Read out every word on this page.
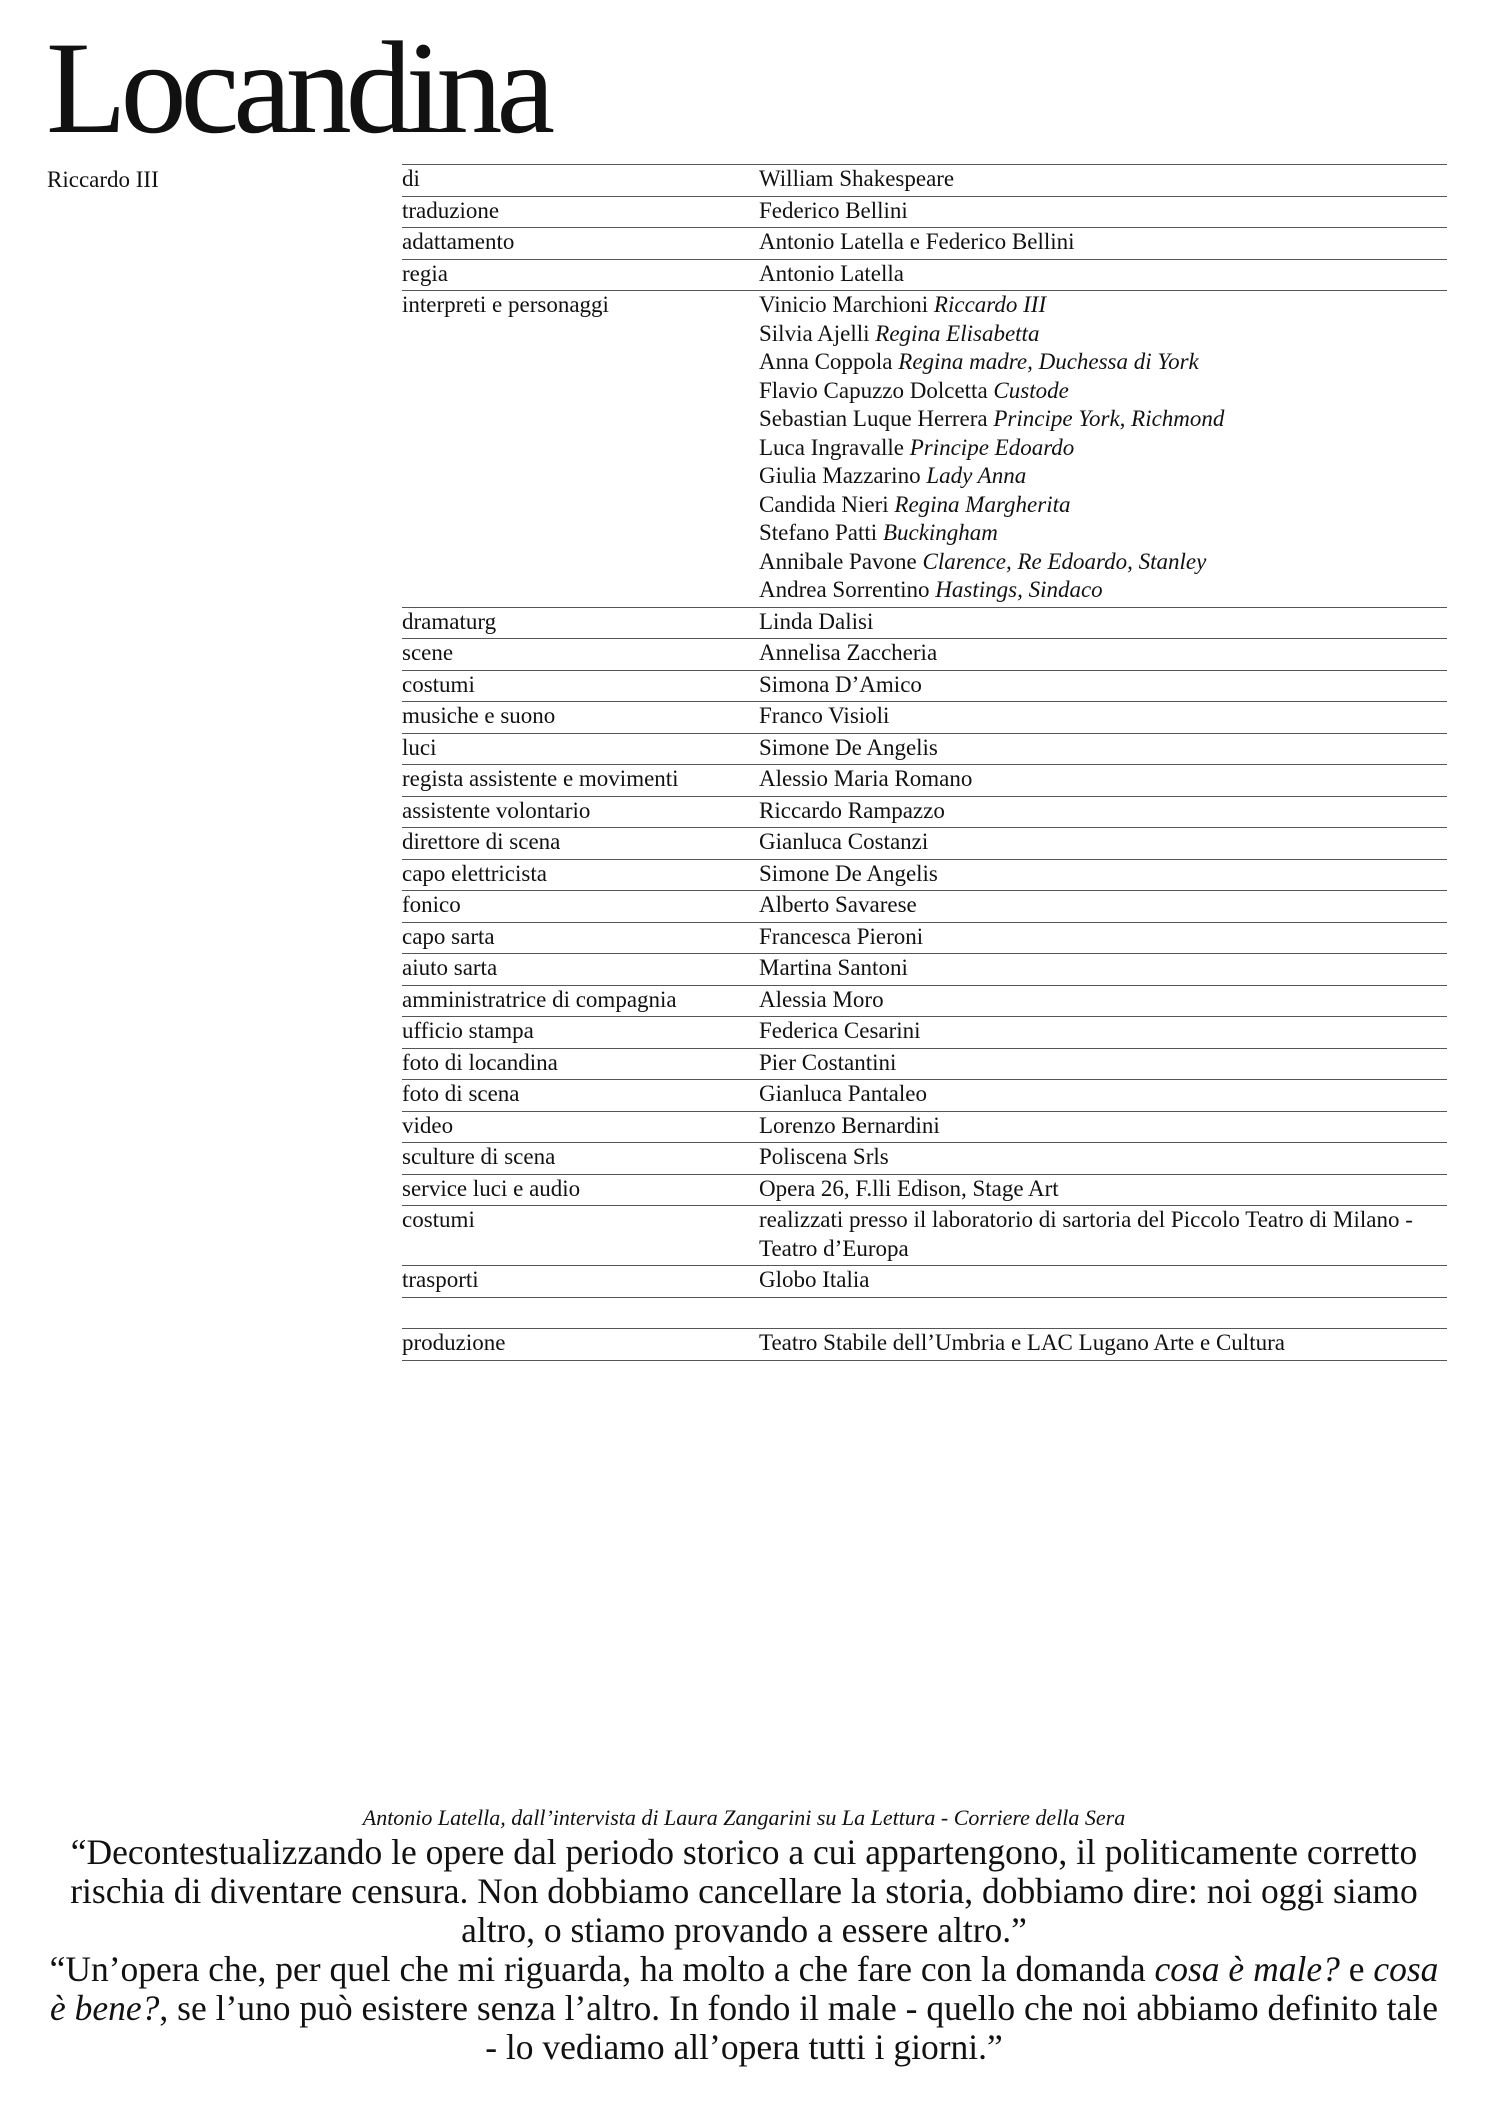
Locandina
Riccardo III	di	William Shakespeare
traduzione	Federico Bellini
adattamento	Antonio Latella e Federico Bellini
regia	Antonio Latella
interpreti e personaggi	Vinicio Marchioni Riccardo III
Silvia Ajelli Regina Elisabetta
Anna Coppola Regina madre, Duchessa di York
Flavio Capuzzo Dolcetta Custode
Sebastian Luque Herrera Principe York, Richmond
Luca Ingravalle Principe Edoardo
Giulia Mazzarino Lady Anna
Candida Nieri Regina Margherita
Stefano Patti Buckingham
Annibale Pavone Clarence, Re Edoardo, Stanley
Andrea Sorrentino Hastings, Sindaco
dramaturg	Linda Dalisi
scene	Annelisa Zaccheria
costumi	Simona D’Amico
musiche e suono	Franco Visioli
luci	Simone De Angelis
regista assistente e movimenti	Alessio Maria Romano
assistente volontario	Riccardo Rampazzo
direttore di scena	Gianluca Costanzi
capo elettricista	Simone De Angelis
fonico	Alberto Savarese
capo sarta	Francesca Pieroni
aiuto sarta	Martina Santoni
amministratrice di compagnia	Alessia Moro
ufficio stampa	Federica Cesarini
foto di locandina	Pier Costantini
foto di scena	Gianluca Pantaleo
video	Lorenzo Bernardini
sculture di scena	Poliscena Srls
service luci e audio	Opera 26, F.lli Edison, Stage Art
costumi	realizzati presso il laboratorio di sartoria del Piccolo Teatro di Milano - Teatro d’Europa
trasporti	Globo Italia
produzione	Teatro Stabile dell’Umbria e LAC Lugano Arte e Cultura
Antonio Latella, dall’intervista di Laura Zangarini su La Lettura - Corriere della Sera

“Decontestualizzando le opere dal periodo storico a cui appartengono, il politicamente corretto rischia di diventare censura. Non dobbiamo cancellare la storia, dobbiamo dire: noi oggi siamo altro, o stiamo provando a essere altro.”

“Un’opera che, per quel che mi riguarda, ha molto a che fare con la domanda cosa è male? e cosa è bene?, se l’uno può esistere senza l’altro. In fondo il male - quello che noi abbiamo definito tale - lo vediamo all’opera tutti i giorni.”
